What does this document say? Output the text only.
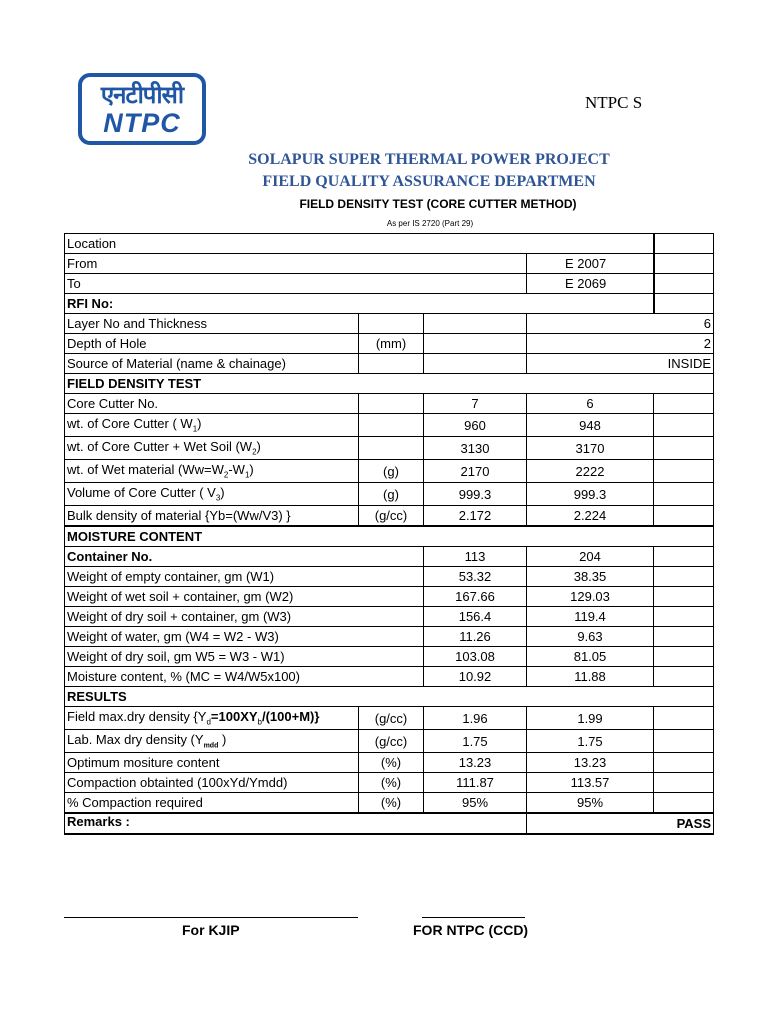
एनटीपीसी
NTPC
NTPC S
SOLAPUR SUPER THERMAL POWER PROJECT
FIELD QUALITY ASSURANCE DEPARTMEN
FIELD DENSITY TEST (CORE CUTTER METHOD)
As per IS 2720 (Part 29)
Location				
From			E 2007	
To			E 2069	
RFI No:				
Layer No and Thickness			6	
Depth of Hole	(mm)		2	
Source of Material (name & chainage)			INSIDE	
FIELD DENSITY TEST				
Core Cutter No.		7	6	
wt. of Core Cutter ( $W_1$)		960	948	
wt. of Core Cutter + Wet Soil $(W_2)$		3130	3170	
wt. of Wet material $(Ww=W_2-W_1)$	(g)	2170	2222	
Volume of Core Cutter ( $V_3$)	(g)	999.3	999.3	
Bulk density of material {Yb=(Ww/V3) }	(g/cc)	2.172	2.224	
MOISTURE CONTENT				
Container No.		113	204	
Weight of empty container, gm (W1)		53.32	38.35	
Weight of wet soil + container, gm (W2)		167.66	129.03	
Weight of dry soil + container, gm (W3)		156.4	119.4	
Weight of water, gm (W4 = W2 - W3)		11.26	9.63	
Weight of dry soil, gm W5 = W3 - W1)		103.08	81.05	
Moisture content, % (MC = W4/W5x100)		10.92	11.88	
RESULTS				
Field max.dry density $\{Y_d=100XY_b/(100+M)\}$	(g/cc)	1.96	1.99	
Lab. Max dry density ($Y_{mdd}$ )	(g/cc)	1.75	1.75	
Optimum mositure content	(%)	13.23	13.23	
Compaction obtainted (100xYd/Ymdd)	(%)	111.87	113.57	
% Compaction required	(%)	95%	95%	
Remarks :			PASS	
For KJIP	FOR NTPC (CCD)
